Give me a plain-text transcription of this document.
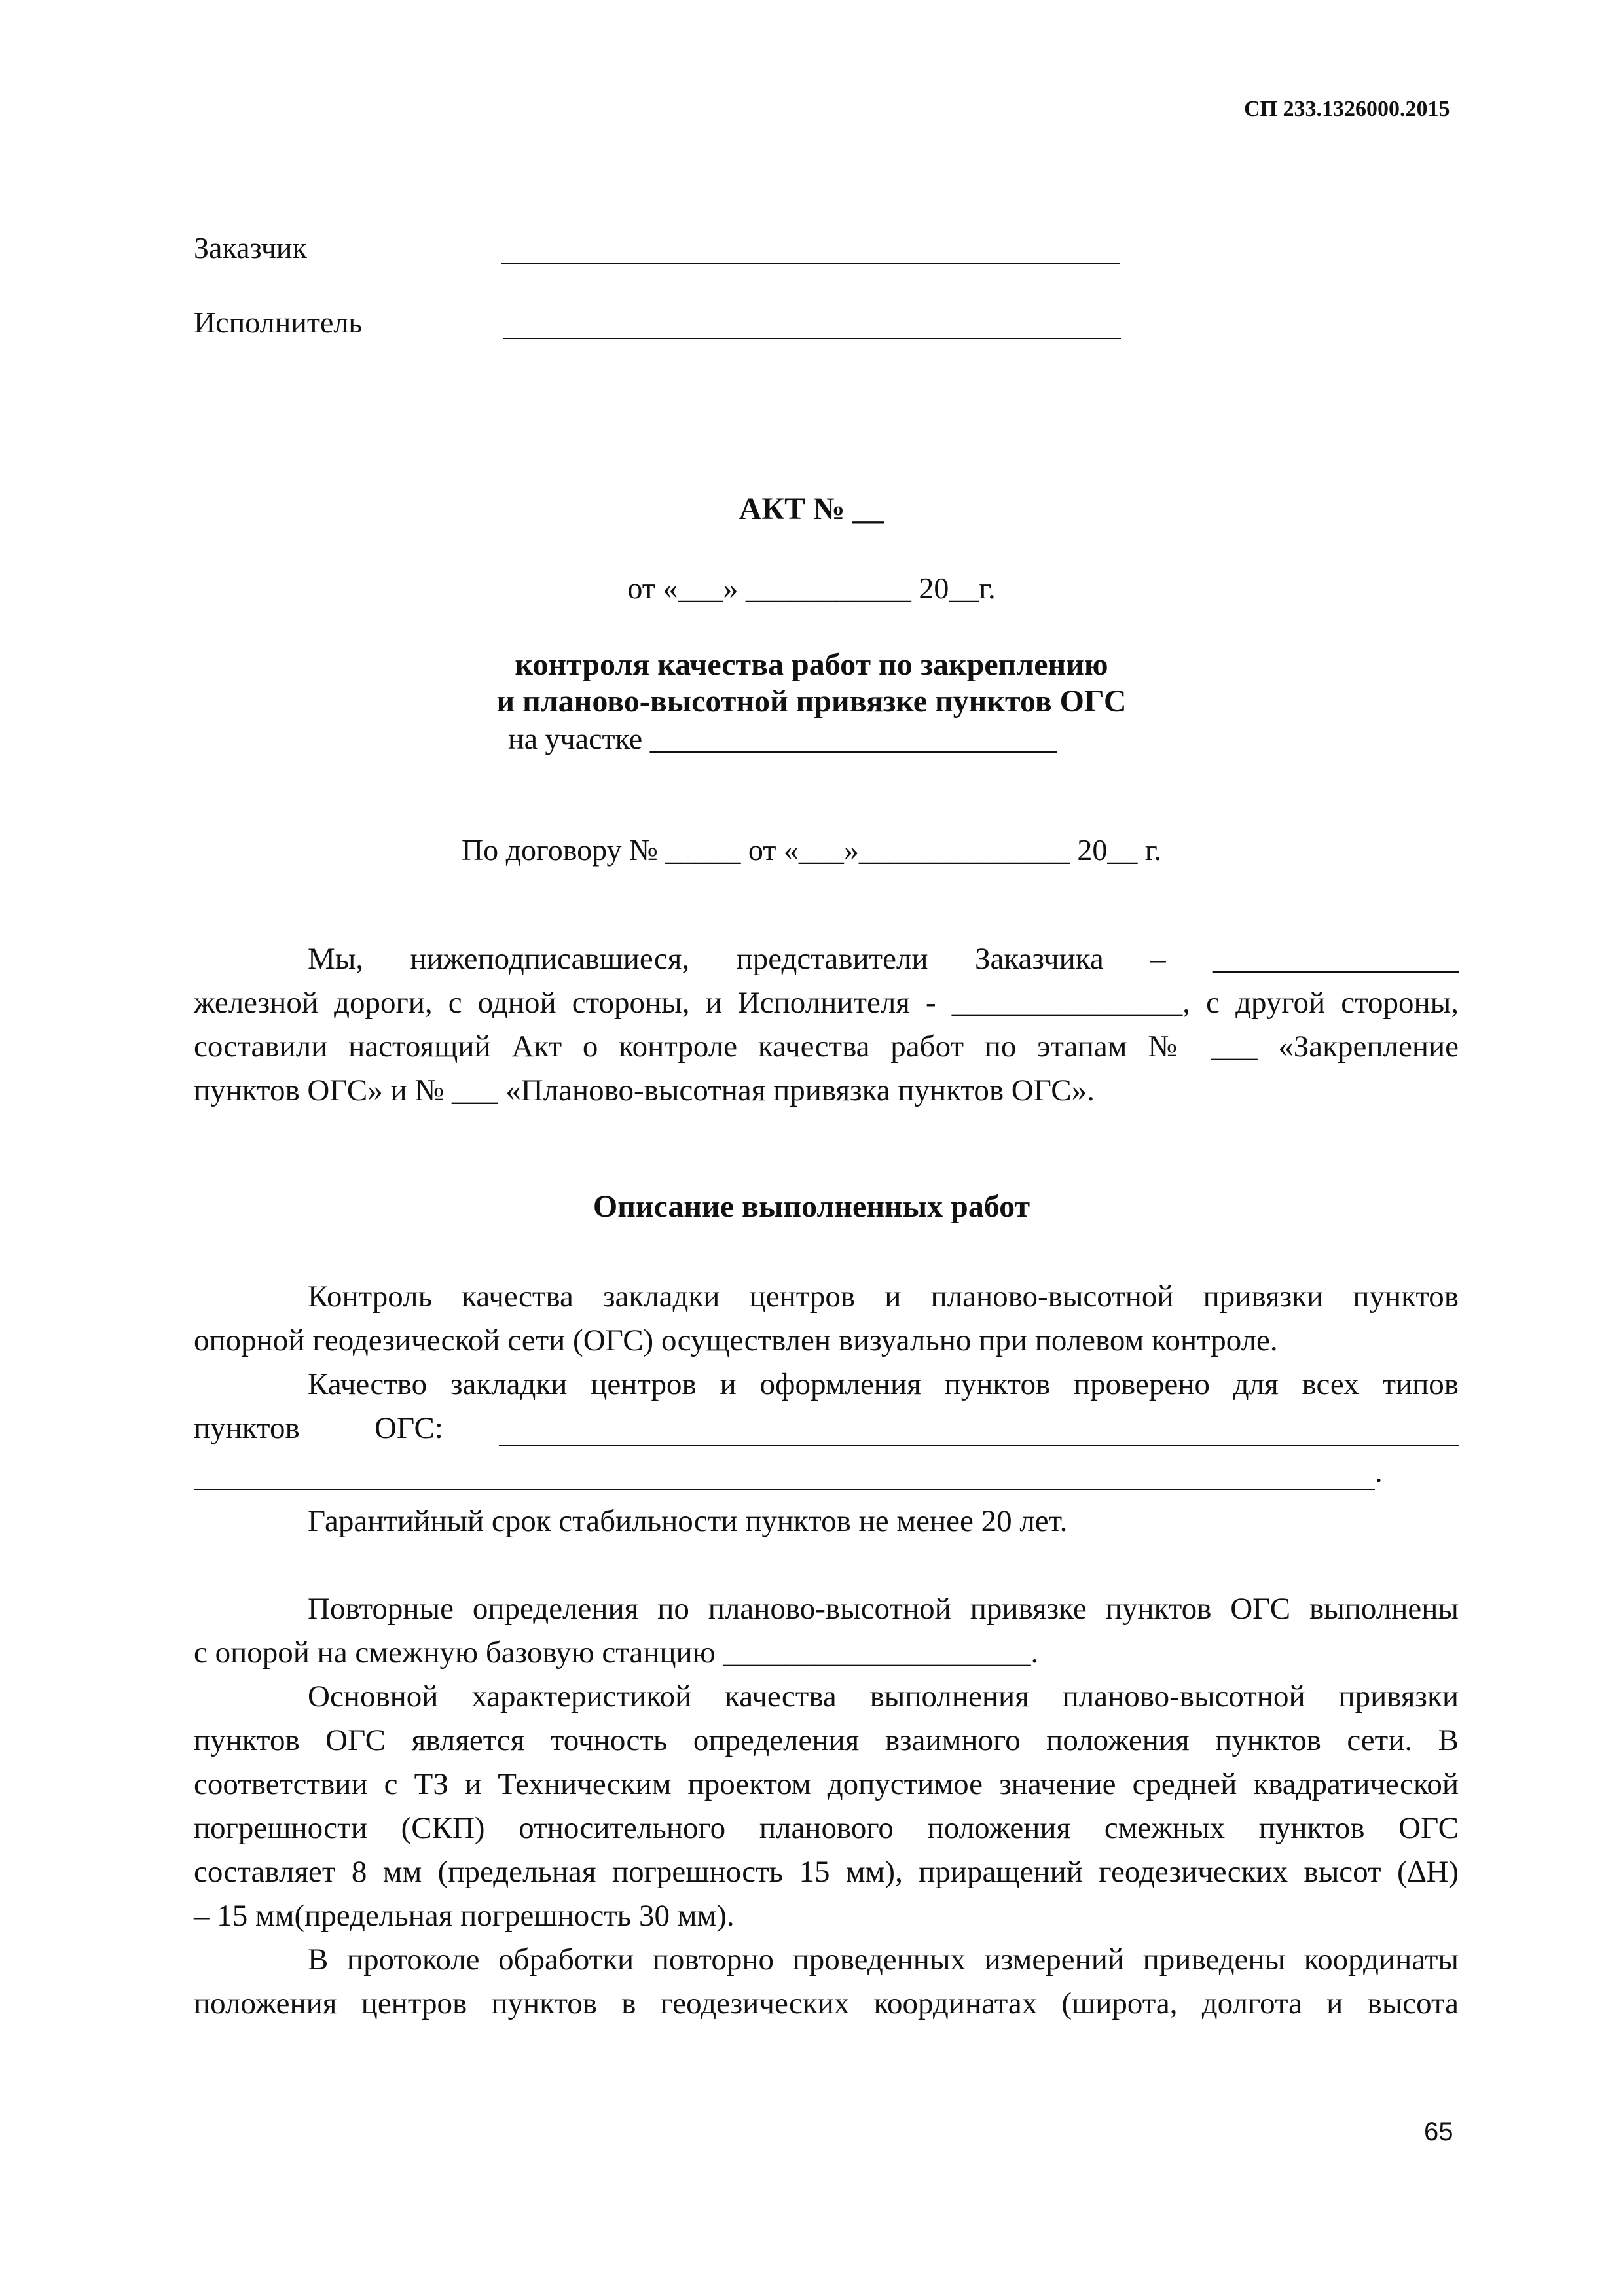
СП 233.1326000.2015
Заказчик
Исполнитель
АКТ № __
от «___» ___________ 20__г.
контроля качества работ по закреплению
и планово-высотной привязке пунктов ОГС
на участке ___________________________
По договору № _____ от «___»______________ 20__ г.
Мы, нижеподписавшиеся, представители Заказчика – ________________
железной дороги, с одной стороны, и Исполнителя - _______________, с другой стороны,
составили настоящий Акт о контроле качества работ по этапам № ___ «Закрепление
пунктов ОГС» и № ___ «Планово-высотная привязка пунктов ОГС».
Описание выполненных работ
Контроль качества закладки центров и планово-высотной привязки пунктов
опорной геодезической сети (ОГС) осуществлен визуально при полевом контроле.
Качество закладки центров и оформления пунктов проверено для всех типов
пунктов ОГС:
.
Гарантийный срок стабильности пунктов не менее 20 лет.
Повторные определения по планово-высотной привязке пунктов ОГС выполнены
с опорой на смежную базовую станцию ____________________.
Основной характеристикой качества выполнения планово-высотной привязки
пунктов ОГС является точность определения взаимного положения пунктов сети. В
соответствии с ТЗ и Техническим проектом допустимое значение средней квадратической
погрешности (СКП) относительного планового положения смежных пунктов ОГС
составляет 8 мм (предельная погрешность 15 мм), приращений геодезических высот (∆Н)
– 15 мм(предельная погрешность 30 мм).
В протоколе обработки повторно проведенных измерений приведены координаты
положения центров пунктов в геодезических координатах (широта, долгота и высота
65
